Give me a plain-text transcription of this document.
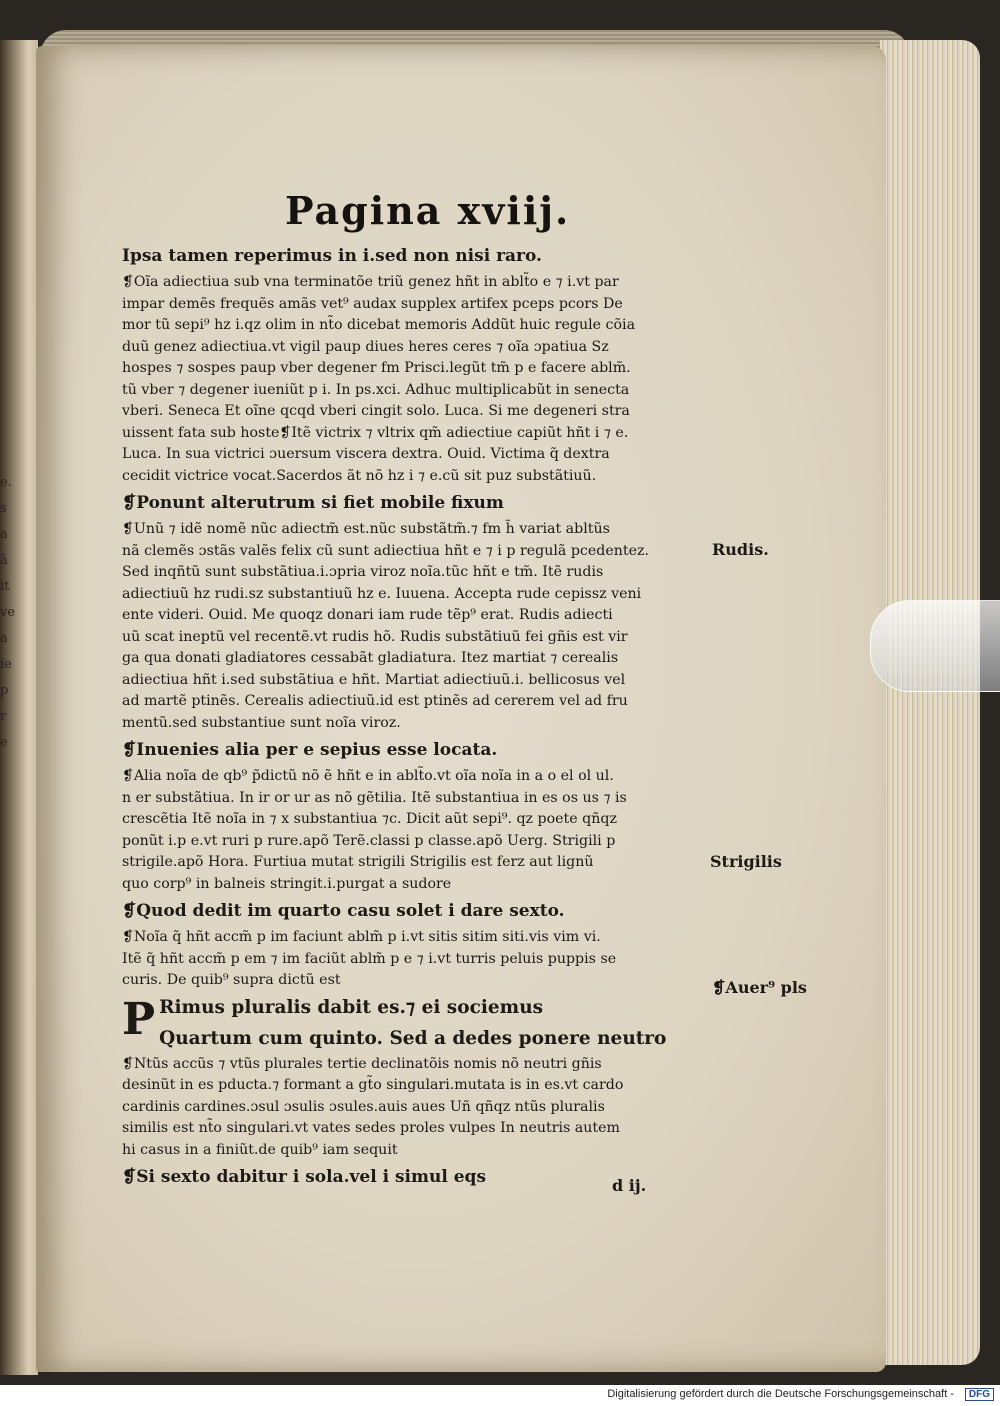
e.
s
a
ă
it
ve
a
ie
p
r
e
Pagina xviij.
Ipsa tamen reperimus in i.sed non nisi raro.
❡Oĩa adiectiua sub vna terminatõe triũ genez hñt in ablt̃o e ⁊ i.vt par
impar demẽs frequẽs amãs vet⁹ audax supplex artifex pceps pcors De
mor tũ sepi⁹ hz i.qz olim in nt̃o dicebat memoris Addũt huic regule cõia
duũ genez adiectiua.vt vigil paup diues heres ceres ⁊ oĩa ɔpatiua Sz
hospes ⁊ sospes paup vber degener fm Prisci.legũt tm̃ p e facere ablm̃.
tũ vber ⁊ degener iueniũt p i. In ps.xci. Adhuc multiplicabũt in senecta
vberi. Seneca Et oĩne qcqd vberi cingit solo. Luca. Si me degeneri stra
uissent fata sub hoste❡Itẽ victrix ⁊ vltrix qm̃ adiectiue capiũt hñt i ⁊ e.
Luca. In sua victrici ɔuersum viscera dextra. Ouid. Victima q̃ dextra
cecidit victrice vocat.Sacerdos ãt nõ hz i ⁊ e.cũ sit puz substãtiuũ.
❡Ponunt alterutrum si fiet mobile fixum
❡Unũ ⁊ idẽ nomẽ nũc adiectm̃ est.nũc substãtm̃.⁊ fm h̃ variat abltũs
nã clemẽs ɔstãs valẽs felix cũ sunt adiectiua hñt e ⁊ i p regulã pcedentez.
Sed inqñtũ sunt substãtiua.i.ɔpria viroz noĩa.tũc hñt e tm̃. Itẽ rudis
adiectiuũ hz rudi.sz substantiuũ hz e. Iuuena. Accepta rude cepissz veni
ente videri. Ouid. Me quoqz donari iam rude tẽp⁹ erat. Rudis adiecti
uũ scat ineptũ vel recentẽ.vt rudis hõ. Rudis substãtiuũ fei gñis est vir
ga qua donati gladiatores cessabãt gladiatura. Itez martiat ⁊ cerealis
adiectiua hñt i.sed substãtiua e hñt. Martiat adiectiuũ.i. bellicosus vel
ad martẽ ptinẽs. Cerealis adiectiuũ.id est ptinẽs ad cererem vel ad fru
mentũ.sed substantiue sunt noĩa viroz.
❡Inuenies alia per e sepius esse locata.
❡Alia noĩa de qb⁹ p̃dictũ nõ ẽ hñt e in ablt̃o.vt oĩa noĩa in a o el ol ul.
n er substãtiua. In ir or ur as nõ gẽtilia. Itẽ substantiua in es os us ⁊ is
crescẽtia Itẽ noĩa in ⁊ x substantiua ⁊c. Dicit aũt sepi⁹. qz poete qñqz
ponũt i.p e.vt ruri p rure.apõ Terẽ.classi p classe.apõ Uerg. Strigili p
strigile.apõ Hora. Furtiua mutat strigili Strigilis est ferz aut lignũ
quo corp⁹ in balneis stringit.i.purgat a sudore
❡Quod dedit im quarto casu solet i dare sexto.
❡Noĩa q̃ hñt accm̃ p im faciunt ablm̃ p i.vt sitis sitim siti.vis vim vi.
Itẽ q̃ hñt accm̃ p em ⁊ im faciũt ablm̃ p e ⁊ i.vt turris peluis puppis se
curis. De quib⁹ supra dictũ est
P Rimus pluralis dabit es.⁊ ei sociemus
Quartum cum quinto. Sed a dedes ponere neutro
❡Ntũs accũs ⁊ vtũs plurales tertie declinatõis nomis nõ neutri gñis
desinũt in es pducta.⁊ formant a gt̃o singulari.mutata is in es.vt cardo
cardinis cardines.ɔsul ɔsulis ɔsules.auis aues Uñ qñqz ntũs pluralis
similis est nt̃o singulari.vt vates sedes proles vulpes In neutris autem
hi casus in a finiũt.de quib⁹ iam sequit
❡Si sexto dabitur i sola.vel i simul eqs
Rudis.
Strigilis
❡Auer⁹ pls
d ij.
Digitalisierung gefördert durch die Deutsche Forschungsgemeinschaft -	DFG
